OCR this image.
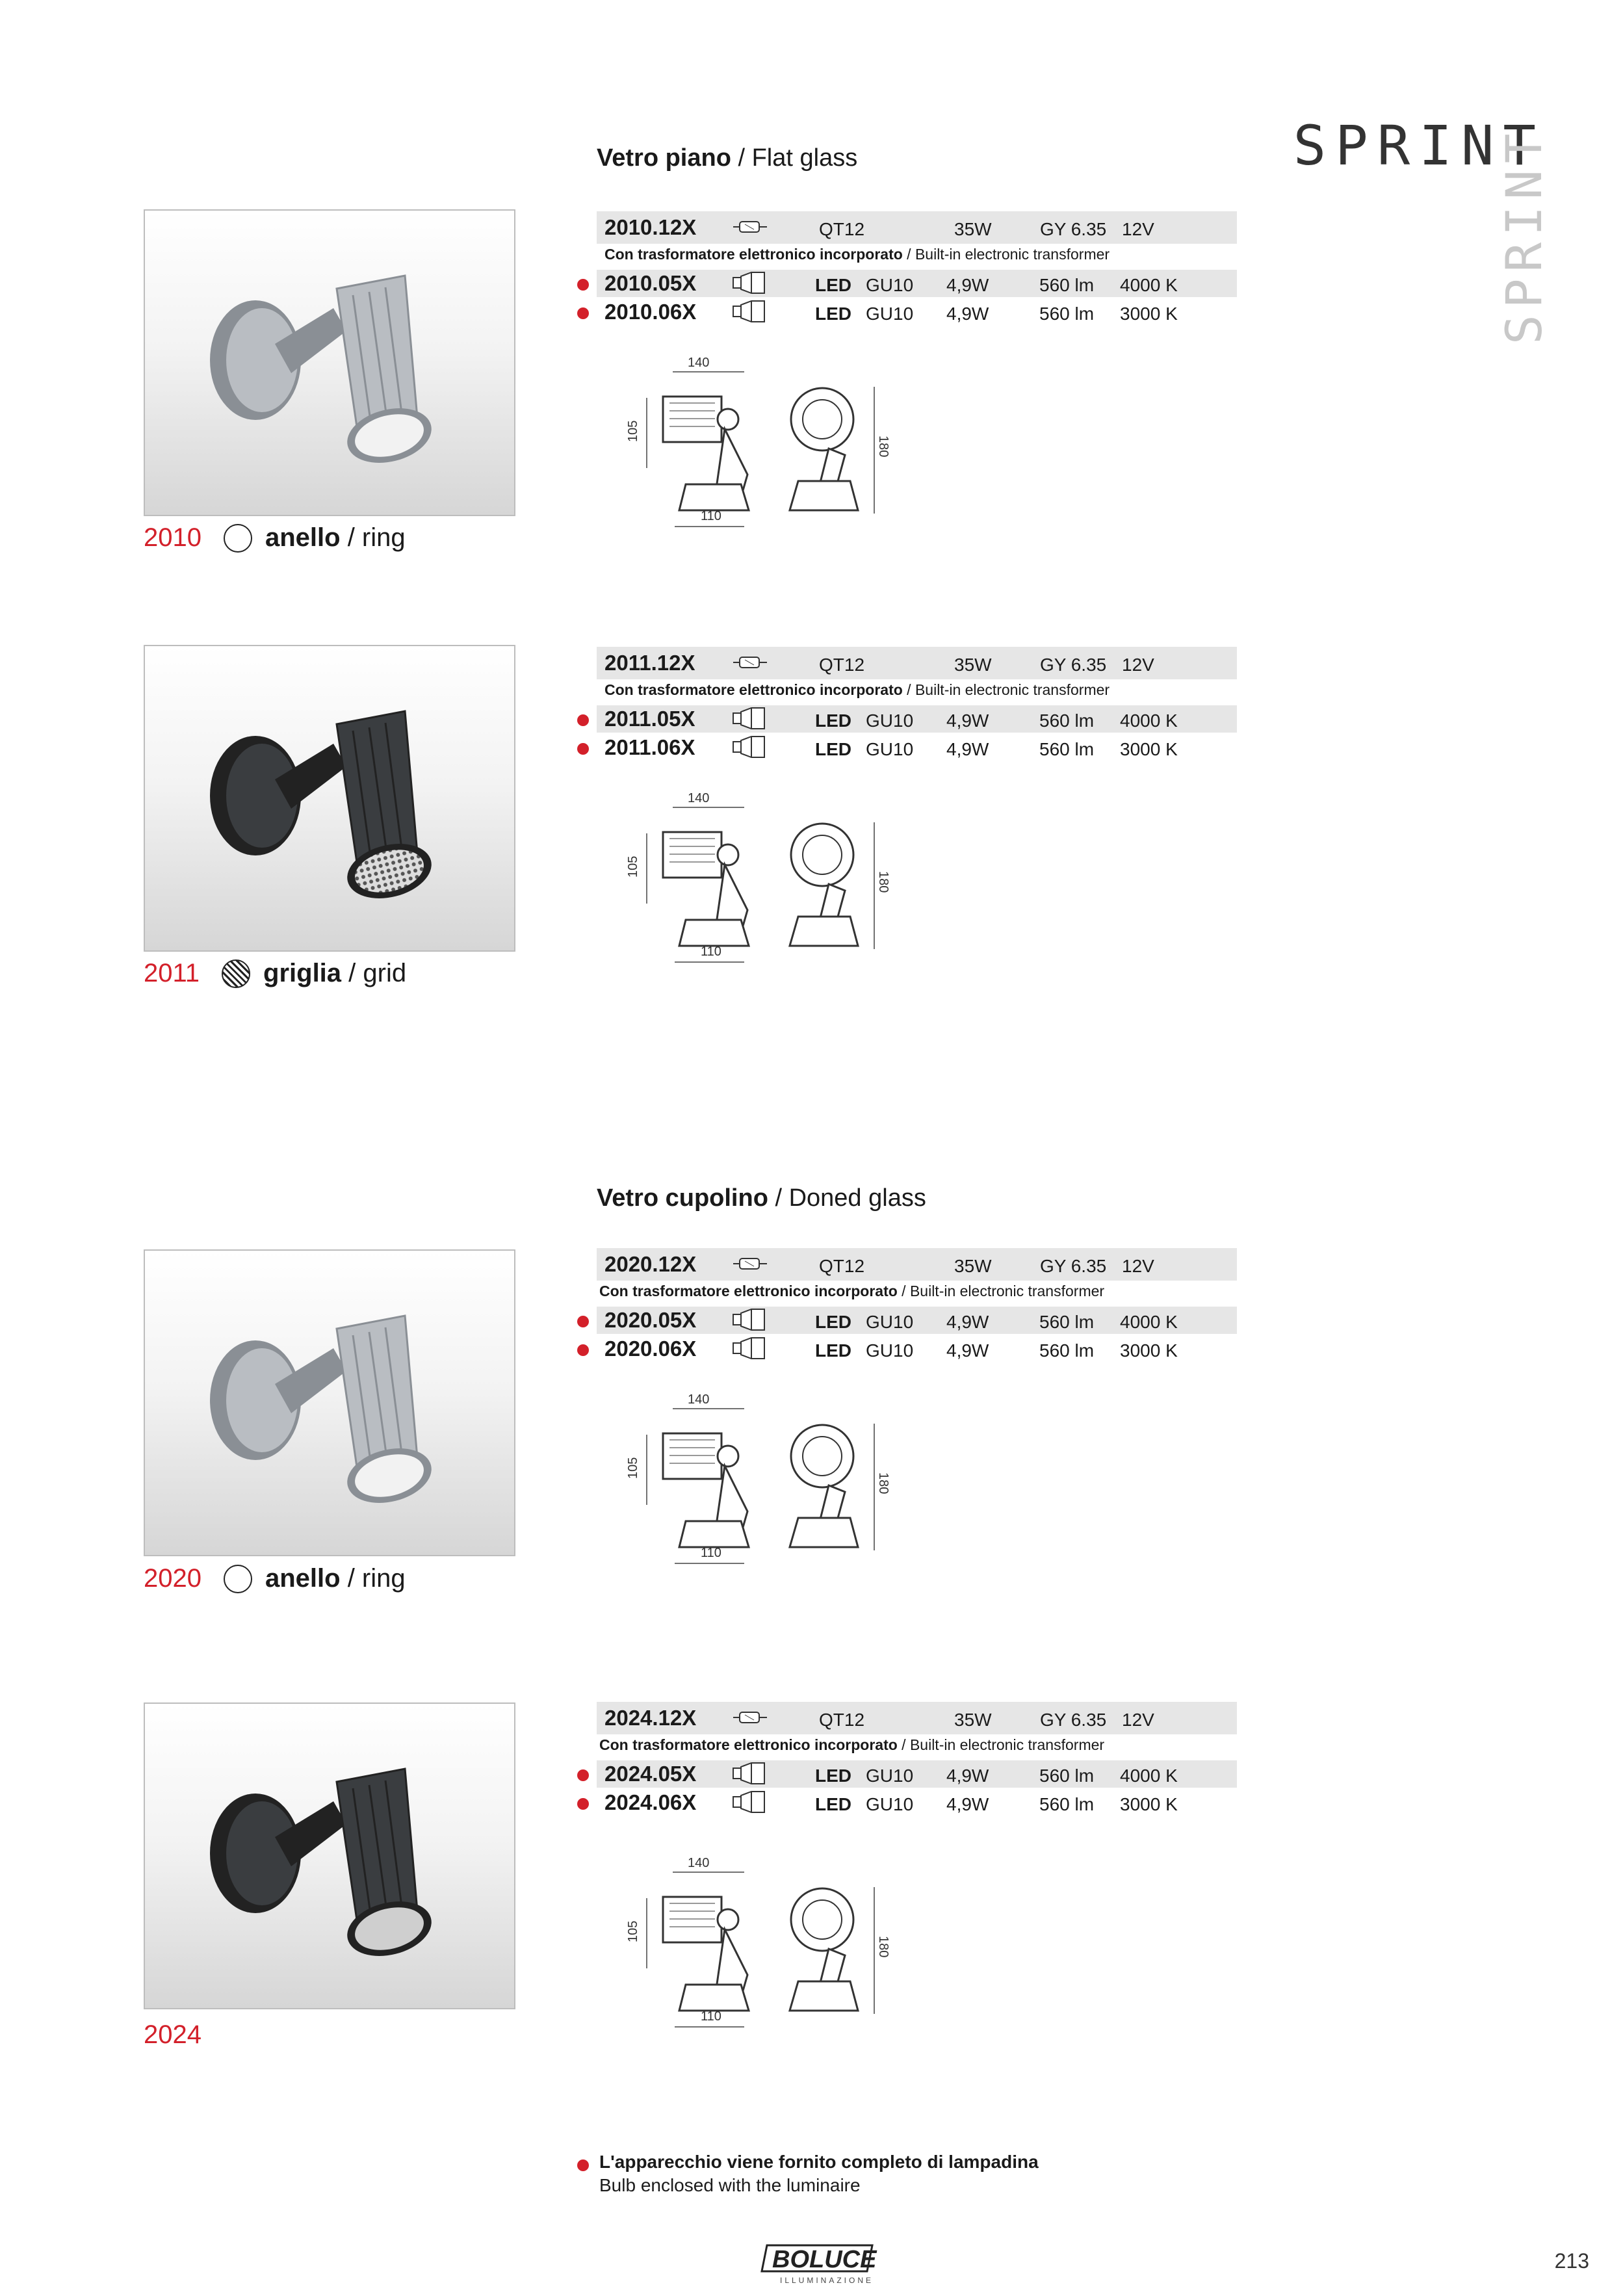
SPRINT
SPRINT
Vetro piano / Flat glass
Vetro cupolino / Doned glass
2010 anello / ring
2010.12X	QT12	35W	GY 6.35 12V
2010.05X	LED GU10 4,9W	560 lm 4000 K
2010.06X	LED GU10 4,9W	560 lm 3000 K
Con trasformatore elettronico incorporato / Built-in electronic transformer
140
105
110
180
2011 griglia / grid
2011.12X	QT12	35W	GY 6.35 12V
2011.05X	LED GU10 4,9W	560 lm 4000 K
2011.06X	LED GU10 4,9W	560 lm 3000 K
Con trasformatore elettronico incorporato / Built-in electronic transformer
140
105
110
180
2020 anello / ring
2020.12X	QT12	35W	GY 6.35 12V
2020.05X	LED GU10 4,9W	560 lm 4000 K
2020.06X	LED GU10 4,9W	560 lm 3000 K
Con trasformatore elettronico incorporato / Built-in electronic transformer
140
105
110
180
2024
2024.12X	QT12	35W	GY 6.35 12V
2024.05X	LED GU10 4,9W	560 lm 4000 K
2024.06X	LED GU10 4,9W	560 lm 3000 K
Con trasformatore elettronico incorporato / Built-in electronic transformer
140
105
110
180
L'apparecchio viene fornito completo di lampadina
Bulb enclosed with the luminaire
BOLUCE
ILLUMINAZIONE
213
